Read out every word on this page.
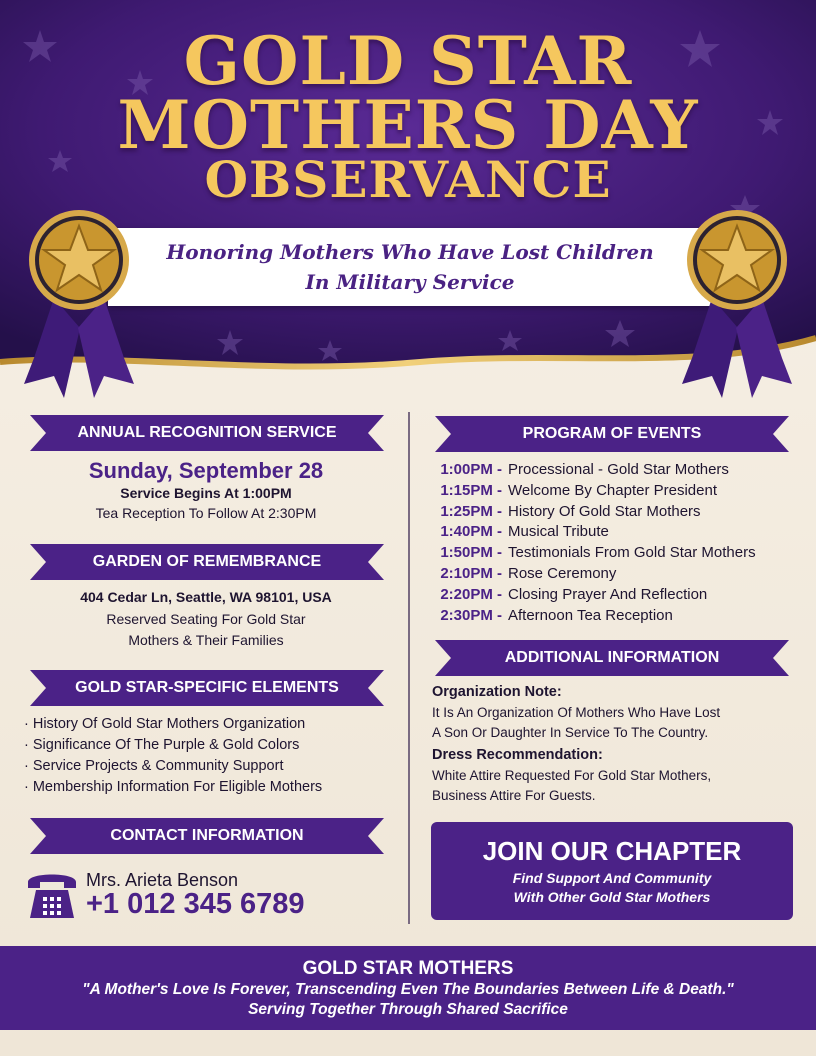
GOLD STAR
MOTHERS DAY
OBSERVANCE
Honoring Mothers Who Have Lost Children
In Military Service
ANNUAL RECOGNITION SERVICE
Sunday, September 28
Service Begins At 1:00PM
Tea Reception To Follow At 2:30PM
GARDEN OF REMEMBRANCE
404 Cedar Ln, Seattle, WA 98101, USA
Reserved Seating For Gold Star
Mothers & Their Families
GOLD STAR-SPECIFIC ELEMENTS
· History Of Gold Star Mothers Organization
· Significance Of The Purple & Gold Colors
· Service Projects & Community Support
· Membership Information For Eligible Mothers
CONTACT INFORMATION
Mrs. Arieta Benson
+1 012 345 6789
PROGRAM OF EVENTS
1:00PM - Processional - Gold Star Mothers
1:15PM - Welcome By Chapter President
1:25PM - History Of Gold Star Mothers
1:40PM - Musical Tribute
1:50PM - Testimonials From Gold Star Mothers
2:10PM - Rose Ceremony
2:20PM - Closing Prayer And Reflection
2:30PM - Afternoon Tea Reception
ADDITIONAL INFORMATION
Organization Note:
It Is An Organization Of Mothers Who Have Lost
A Son Or Daughter In Service To The Country.
Dress Recommendation:
White Attire Requested For Gold Star Mothers,
Business Attire For Guests.
JOIN OUR CHAPTER
Find Support And Community
With Other Gold Star Mothers
GOLD STAR MOTHERS
"A Mother's Love Is Forever, Transcending Even The Boundaries Between Life & Death."
Serving Together Through Shared Sacrifice
